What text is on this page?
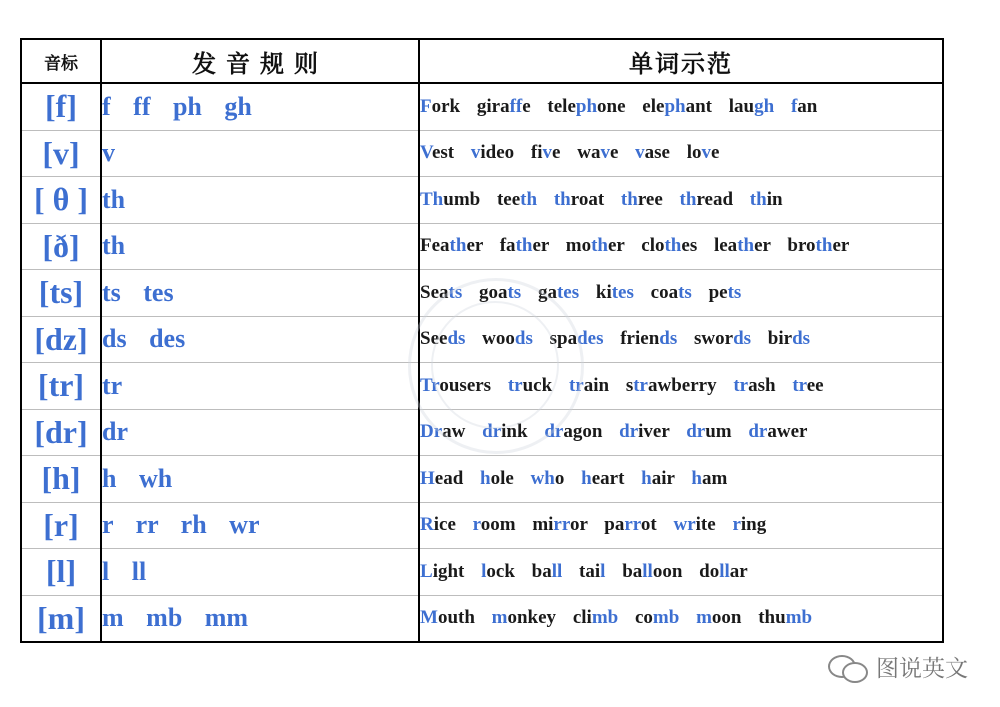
音标	发音规则	单词示范
[f]	f ff ph gh	Fork giraffe telephone elephant laugh fan
[v]	v	Vest video five wave vase love
[ θ ]	th	Thumb teeth throat three thread thin
[ð]	th	Feather father mother clothes leather brother
[ts]	ts tes	Seats goats gates kites coats pets
[dz]	ds des	Seeds woods spades friends swords birds
[tr]	tr	Trousers truck train strawberry trash tree
[dr]	dr	Draw drink dragon driver drum drawer
[h]	h wh	Head hole who heart hair ham
[r]	r rr rh wr	Rice room mirror parrot write ring
[l]	l ll	Light lock ball tail balloon dollar
[m]	m mb mm	Mouth monkey climb comb moon thumb
图说英文
